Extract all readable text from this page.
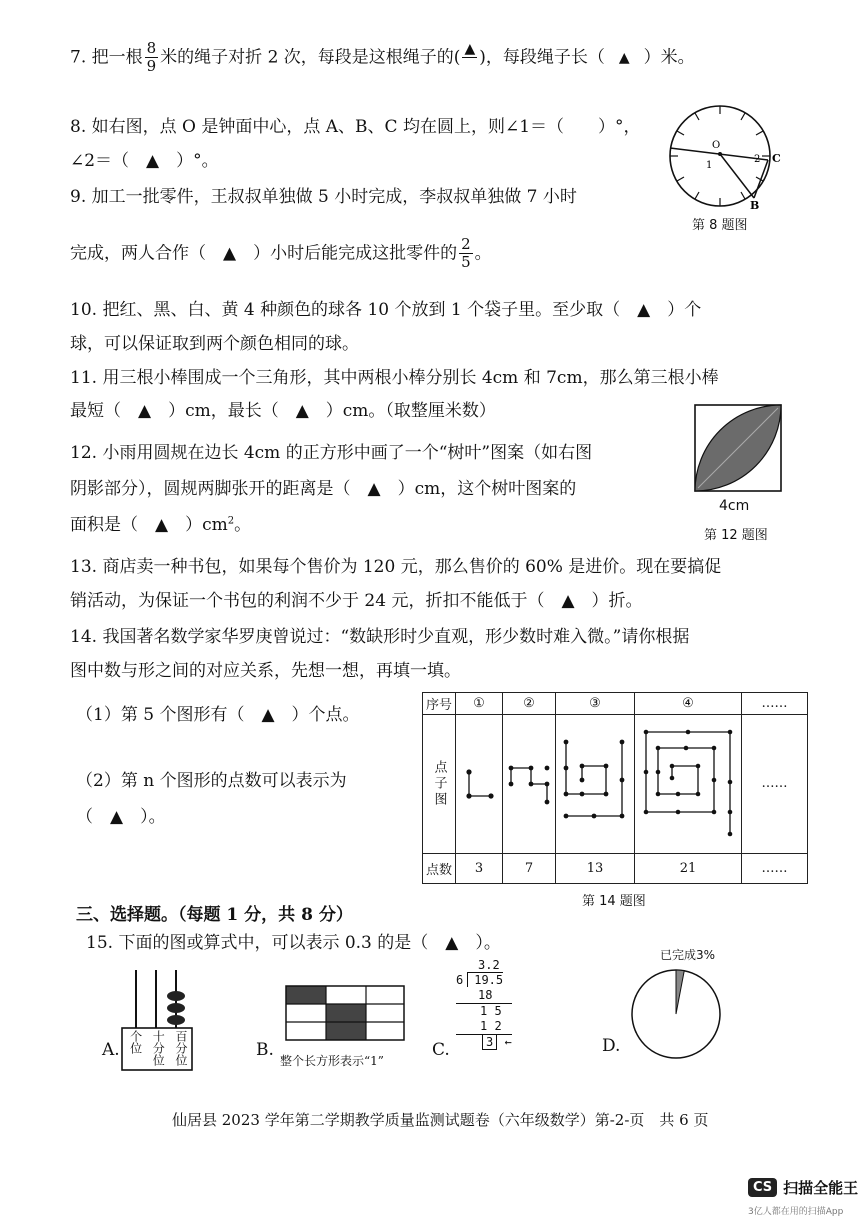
7. 把一根 $\frac{8}{9}$ 米的绳子对折 2 次，每段是这根绳子的( ▲
)，每段绳子长（ ▲ ）米。
8. 如右图，点 O 是钟面中心，点 A、B、C 均在圆上，则∠1＝（　　）°，
∠2＝（　▲　）°。
O
C
B
1
2
第 8 题图
9. 加工一批零件，王叔叔单独做 5 小时完成，李叔叔单独做 7 小时
完成，两人合作（　▲　）小时后能完成这批零件的 $\frac{2}{5}$ 。
10. 把红、黑、白、黄 4 种颜色的球各 10 个放到 1 个袋子里。至少取（　▲　）个
球，可以保证取到两个颜色相同的球。
11. 用三根小棒围成一个三角形，其中两根小棒分别长 4cm 和 7cm，那么第三根小棒
最短（　▲　）cm，最长（　▲　）cm。（取整厘米数）
12. 小雨用圆规在边长 4cm 的正方形中画了一个“树叶”图案（如右图
阴影部分），圆规两脚张开的距离是（　▲　）cm，这个树叶图案的
面积是（　▲　）$cm^2$。
4cm
第 12 题图
13. 商店卖一种书包，如果每个售价为 120 元，那么售价的 60% 是进价。现在要搞促
销活动，为保证一个书包的利润不少于 24 元，折扣不能低于（　▲　）折。
14. 我国著名数学家华罗庚曾说过：“数缺形时少直观，形少数时难入微。”请你根据
图中数与形之间的对应关系，先想一想，再填一填。
（1）第 5 个图形有（　▲　）个点。
（2）第 n 个图形的点数可以表示为
（　▲　）。
序号	①	②	③	④	……
点子图					……
点数	3	7	13	21	……
第 14 题图
三、选择题。（每题 1 分，共 8 分）
15. 下面的图或算式中，可以表示 0.3 的是（　▲　）。
A. 个位 十分位 百分位	B.
整个长方形表示“1”
C.
3.2
6 19.5
18
1 5
1 2
3 ←	D.
已完成3%
仙居县 2023 学年第二学期教学质量监测试题卷（六年级数学）第-2-页　共 6 页
CS 扫描全能王
3亿人都在用的扫描App
